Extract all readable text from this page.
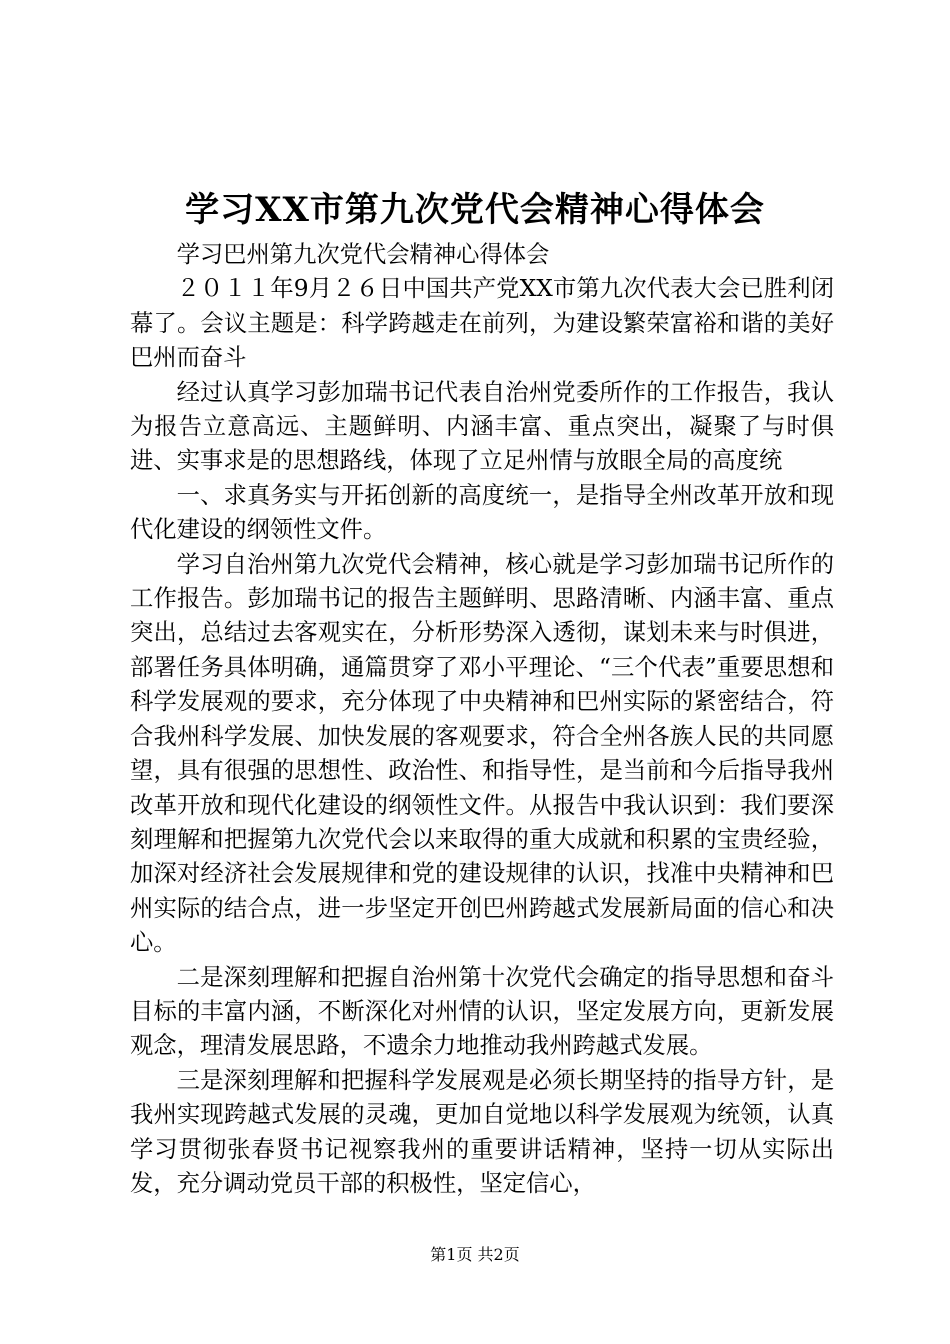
学习XX市第九次党代会精神心得体会

学习巴州第九次党代会精神心得体会

２０１１年9月２６日中国共产党XX市第九次代表大会已胜利闭幕了。会议主题是：科学跨越走在前列，为建设繁荣富裕和谐的美好巴州而奋斗

经过认真学习彭加瑞书记代表自治州党委所作的工作报告，我认为报告立意高远、主题鲜明、内涵丰富、重点突出，凝聚了与时俱进、实事求是的思想路线，体现了立足州情与放眼全局的高度统

一、求真务实与开拓创新的高度统一，是指导全州改革开放和现代化建设的纲领性文件。

学习自治州第九次党代会精神，核心就是学习彭加瑞书记所作的工作报告。彭加瑞书记的报告主题鲜明、思路清晰、内涵丰富、重点突出，总结过去客观实在，分析形势深入透彻，谋划未来与时俱进，部署任务具体明确，通篇贯穿了邓小平理论、“三个代表”重要思想和科学发展观的要求，充分体现了中央精神和巴州实际的紧密结合，符合我州科学发展、加快发展的客观要求，符合全州各族人民的共同愿望，具有很强的思想性、政治性、和指导性，是当前和今后指导我州改革开放和现代化建设的纲领性文件。从报告中我认识到：我们要深刻理解和把握第九次党代会以来取得的重大成就和积累的宝贵经验，加深对经济社会发展规律和党的建设规律的认识，找准中央精神和巴州实际的结合点，进一步坚定开创巴州跨越式发展新局面的信心和决心。

二是深刻理解和把握自治州第十次党代会确定的指导思想和奋斗目标的丰富内涵，不断深化对州情的认识，坚定发展方向，更新发展观念，理清发展思路，不遗余力地推动我州跨越式发展。

三是深刻理解和把握科学发展观是必须长期坚持的指导方针，是我州实现跨越式发展的灵魂，更加自觉地以科学发展观为统领，认真学习贯彻张春贤书记视察我州的重要讲话精神，坚持一切从实际出发，充分调动党员干部的积极性，坚定信心，

第1页 共2页
